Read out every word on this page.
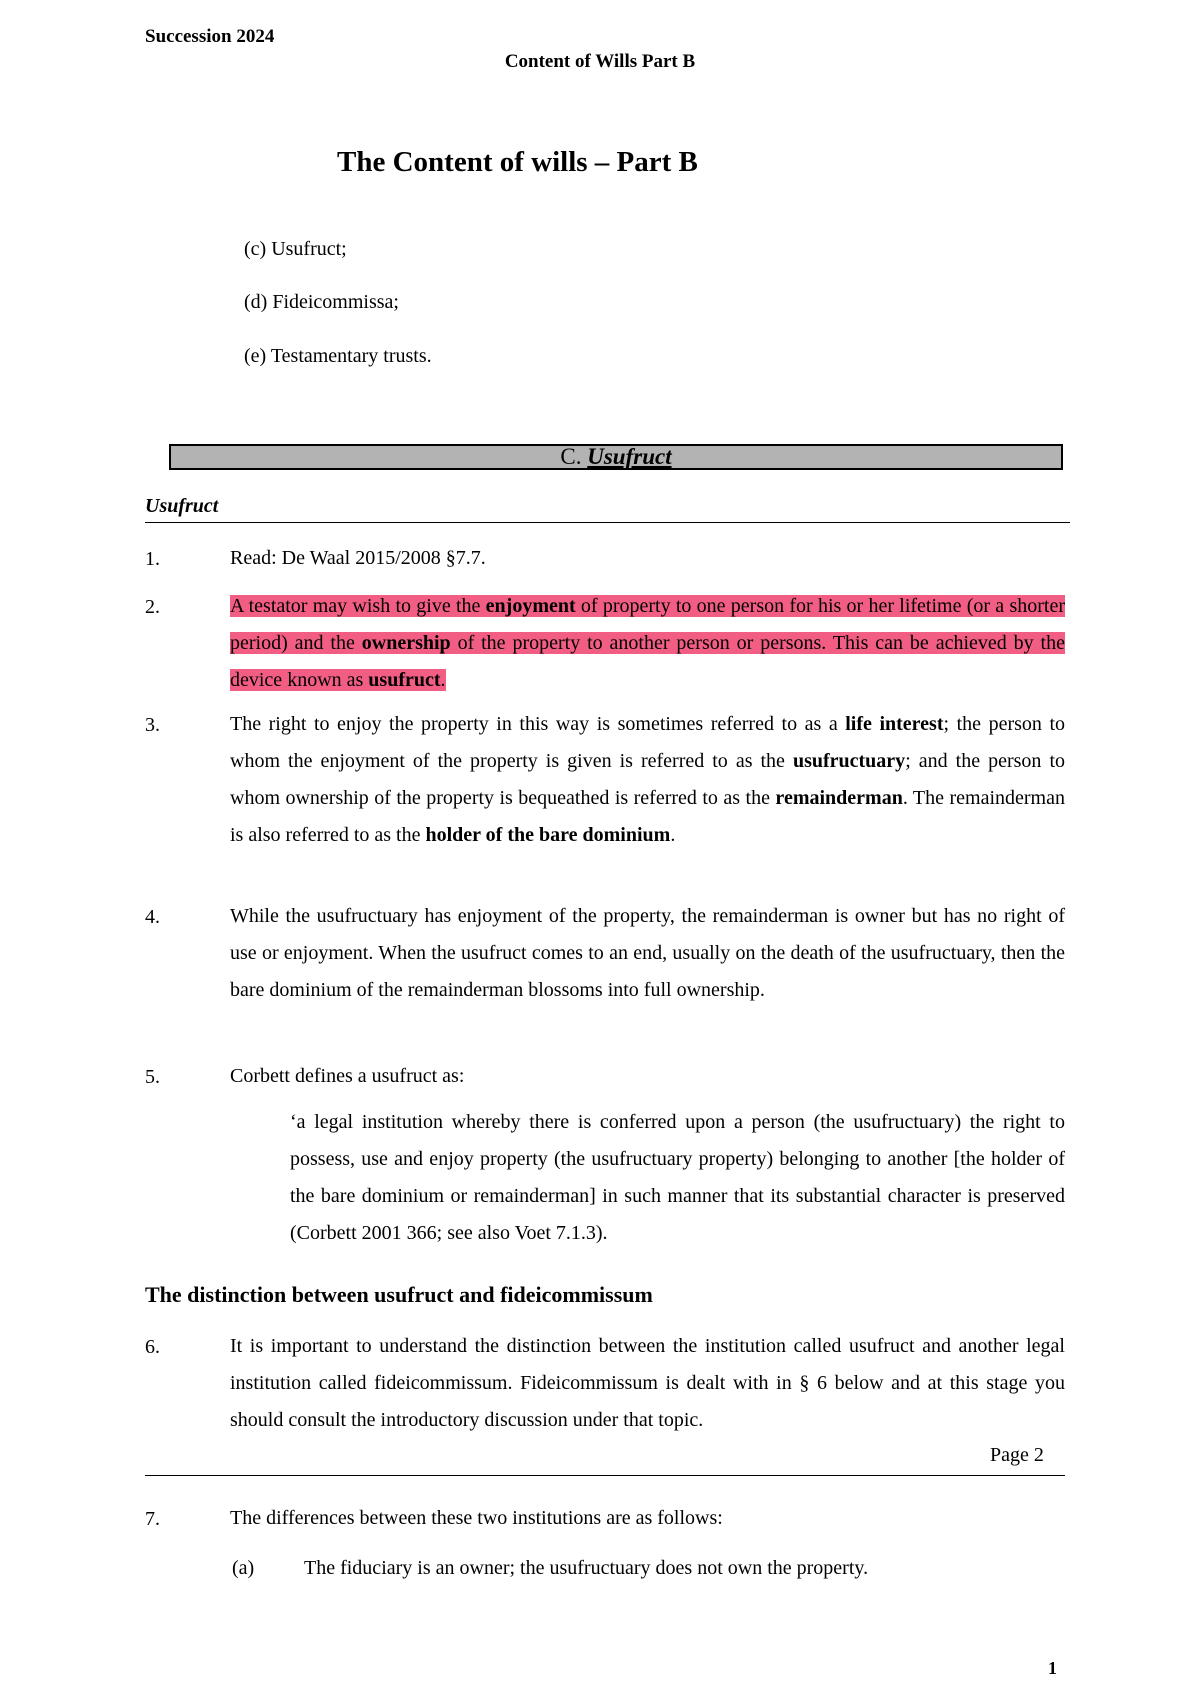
Succession 2024
Content of Wills Part B
The Content of wills – Part B
(c) Usufruct;
(d) Fideicommissa;
(e) Testamentary trusts.
C. Usufruct
Usufruct
1.	Read: De Waal 2015/2008 §7.7.

2.	A testator may wish to give the enjoyment of property to one person for his or her lifetime (or a shorter period) and the ownership of the property to another person or persons. This can be achieved by the device known as usufruct.

3.	The right to enjoy the property in this way is sometimes referred to as a life interest; the person to whom the enjoyment of the property is given is referred to as the usufructuary; and the person to whom ownership of the property is bequeathed is referred to as the remainderman. The remainderman is also referred to as the holder of the bare dominium.

4.	While the usufructuary has enjoyment of the property, the remainderman is owner but has no right of use or enjoyment. When the usufruct comes to an end, usually on the death of the usufructuary, then the bare dominium of the remainderman blossoms into full ownership.

5.	Corbett defines a usufruct as:

‘a legal institution whereby there is conferred upon a person (the usufructuary) the right to possess, use and enjoy property (the usufructuary property) belonging to another [the holder of the bare dominium or remainderman] in such manner that its substantial character is preserved (Corbett 2001 366; see also Voet 7.1.3).

The distinction between usufruct and fideicommissum
6.	It is important to understand the distinction between the institution called usufruct and another legal institution called fideicommissum. Fideicommissum is dealt with in § 6 below and at this stage you should consult the introductory discussion under that topic.

Page 2
7.	The differences between these two institutions are as follows:

(a) The fiduciary is an owner; the usufructuary does not own the property.
1
